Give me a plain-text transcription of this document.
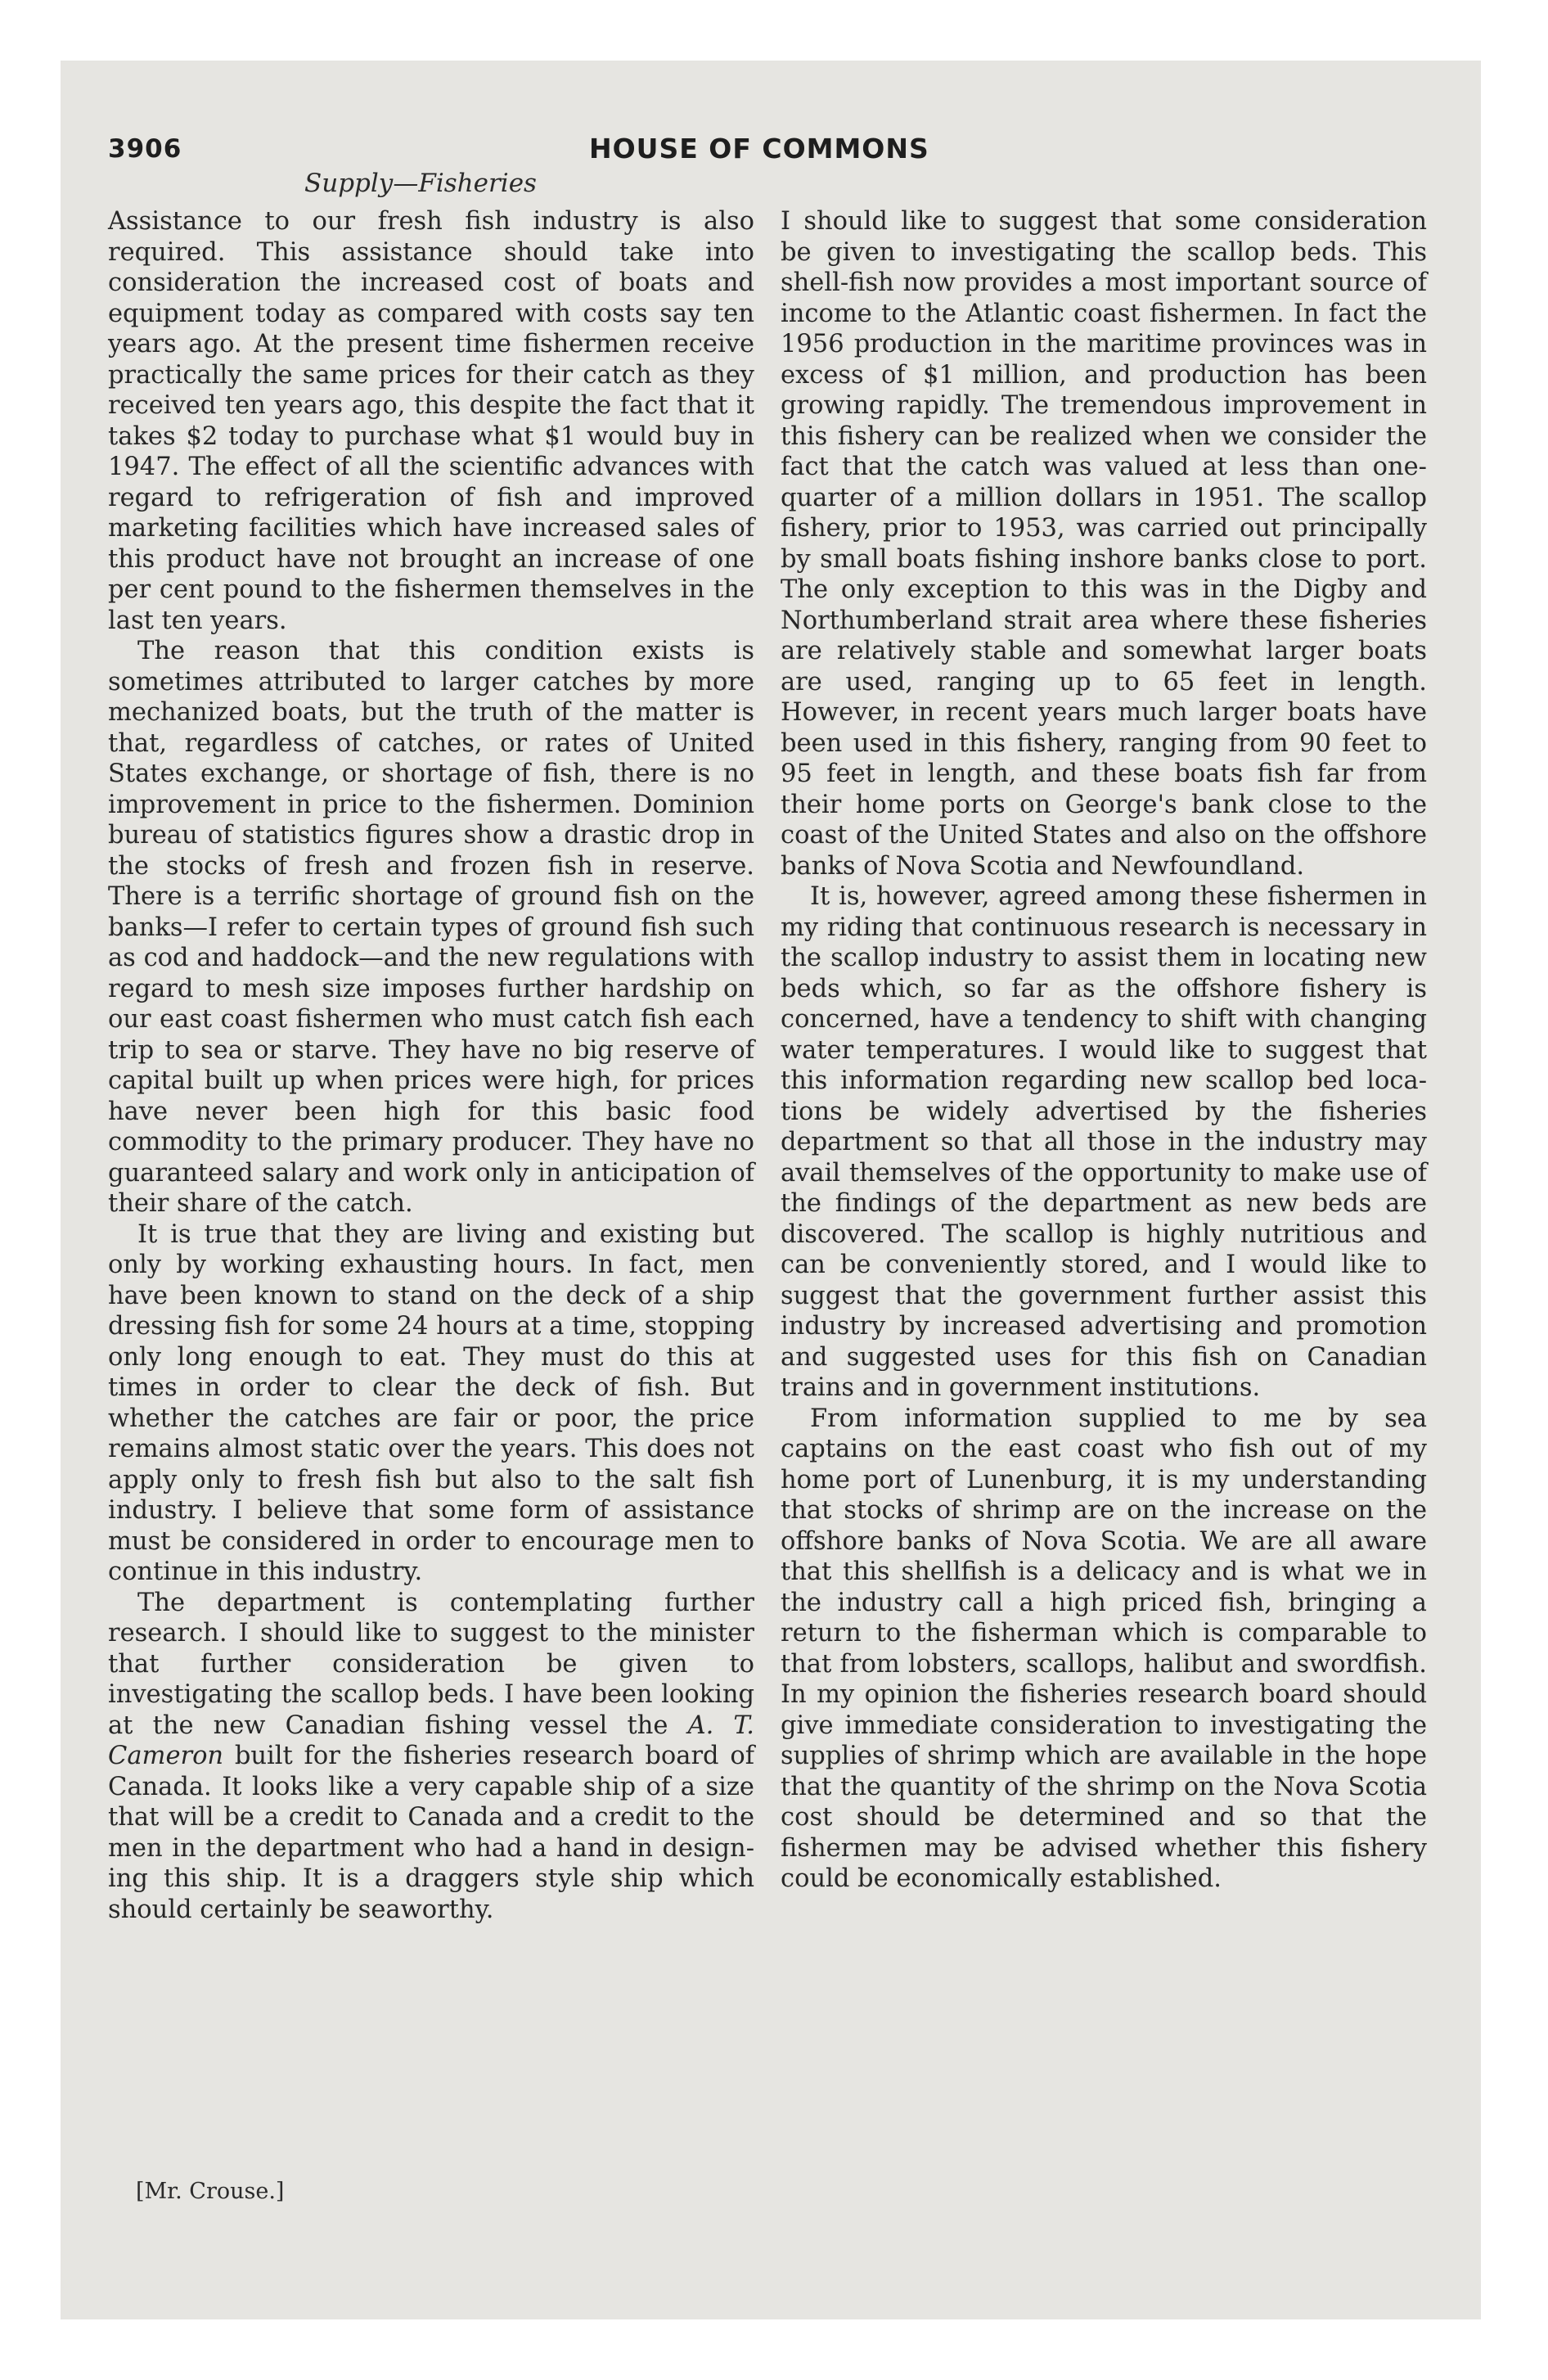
3906	HOUSE OF COMMONS
Supply—Fisheries

Assistance to our fresh fish industry is also required. This assistance should take into consideration the increased cost of boats and equipment today as compared with costs say ten years ago. At the present time fishermen receive practically the same prices for their catch as they received ten years ago, this despite the fact that it takes $2 today to purchase what $1 would buy in 1947. The effect of all the scientific advances with regard to refrigeration of fish and improved marketing facilities which have increased sales of this product have not brought an increase of one per cent pound to the fishermen themselves in the last ten years.

The reason that this condition exists is sometimes attributed to larger catches by more mechanized boats, but the truth of the matter is that, regardless of catches, or rates of United States exchange, or shortage of fish, there is no improvement in price to the fishermen. Dominion bureau of statistics figures show a drastic drop in the stocks of fresh and frozen fish in reserve. There is a terrific shortage of ground fish on the banks—I refer to certain types of ground fish such as cod and haddock—and the new regulations with regard to mesh size imposes further hardship on our east coast fishermen who must catch fish each trip to sea or starve. They have no big reserve of capital built up when prices were high, for prices have never been high for this basic food commodity to the primary producer. They have no guaranteed salary and work only in anticipation of their share of the catch.

It is true that they are living and existing but only by working exhausting hours. In fact, men have been known to stand on the deck of a ship dressing fish for some 24 hours at a time, stopping only long enough to eat. They must do this at times in order to clear the deck of fish. But whether the catches are fair or poor, the price remains almost static over the years. This does not apply only to fresh fish but also to the salt fish industry. I believe that some form of assistance must be considered in order to encourage men to continue in this industry.

The department is contemplating further research. I should like to suggest to the minister that further consideration be given to investigating the scallop beds. I have been looking at the new Canadian fishing vessel the A. T. Cameron built for the fisheries research board of Canada. It looks like a very capable ship of a size that will be a credit to Canada and a credit to the men in the department who had a hand in designing this ship. It is a draggers style ship which should certainly be seaworthy.

I should like to suggest that some consideration be given to investigating the scallop beds. This shell-fish now provides a most important source of income to the Atlantic coast fishermen. In fact the 1956 production in the maritime provinces was in excess of $1 million, and production has been growing rapidly. The tremendous improvement in this fishery can be realized when we consider the fact that the catch was valued at less than one-quarter of a million dollars in 1951. The scallop fishery, prior to 1953, was carried out principally by small boats fishing inshore banks close to port. The only exception to this was in the Digby and Northumberland strait area where these fisheries are relatively stable and somewhat larger boats are used, ranging up to 65 feet in length. However, in recent years much larger boats have been used in this fishery, ranging from 90 feet to 95 feet in length, and these boats fish far from their home ports on George's bank close to the coast of the United States and also on the offshore banks of Nova Scotia and Newfoundland.

It is, however, agreed among these fishermen in my riding that continuous research is necessary in the scallop industry to assist them in locating new beds which, so far as the offshore fishery is concerned, have a tendency to shift with changing water temperatures. I would like to suggest that this information regarding new scallop bed locations be widely advertised by the fisheries department so that all those in the industry may avail themselves of the opportunity to make use of the findings of the department as new beds are discovered. The scallop is highly nutritious and can be conveniently stored, and I would like to suggest that the government further assist this industry by increased advertising and promotion and suggested uses for this fish on Canadian trains and in government institutions.

From information supplied to me by sea captains on the east coast who fish out of my home port of Lunenburg, it is my understanding that stocks of shrimp are on the increase on the offshore banks of Nova Scotia. We are all aware that this shellfish is a delicacy and is what we in the industry call a high priced fish, bringing a return to the fisherman which is comparable to that from lobsters, scallops, halibut and swordfish. In my opinion the fisheries research board should give immediate consideration to investigating the supplies of shrimp which are available in the hope that the quantity of the shrimp on the Nova Scotia cost should be determined and so that the fishermen may be advised whether this fishery could be economically established.

[Mr. Crouse.]
